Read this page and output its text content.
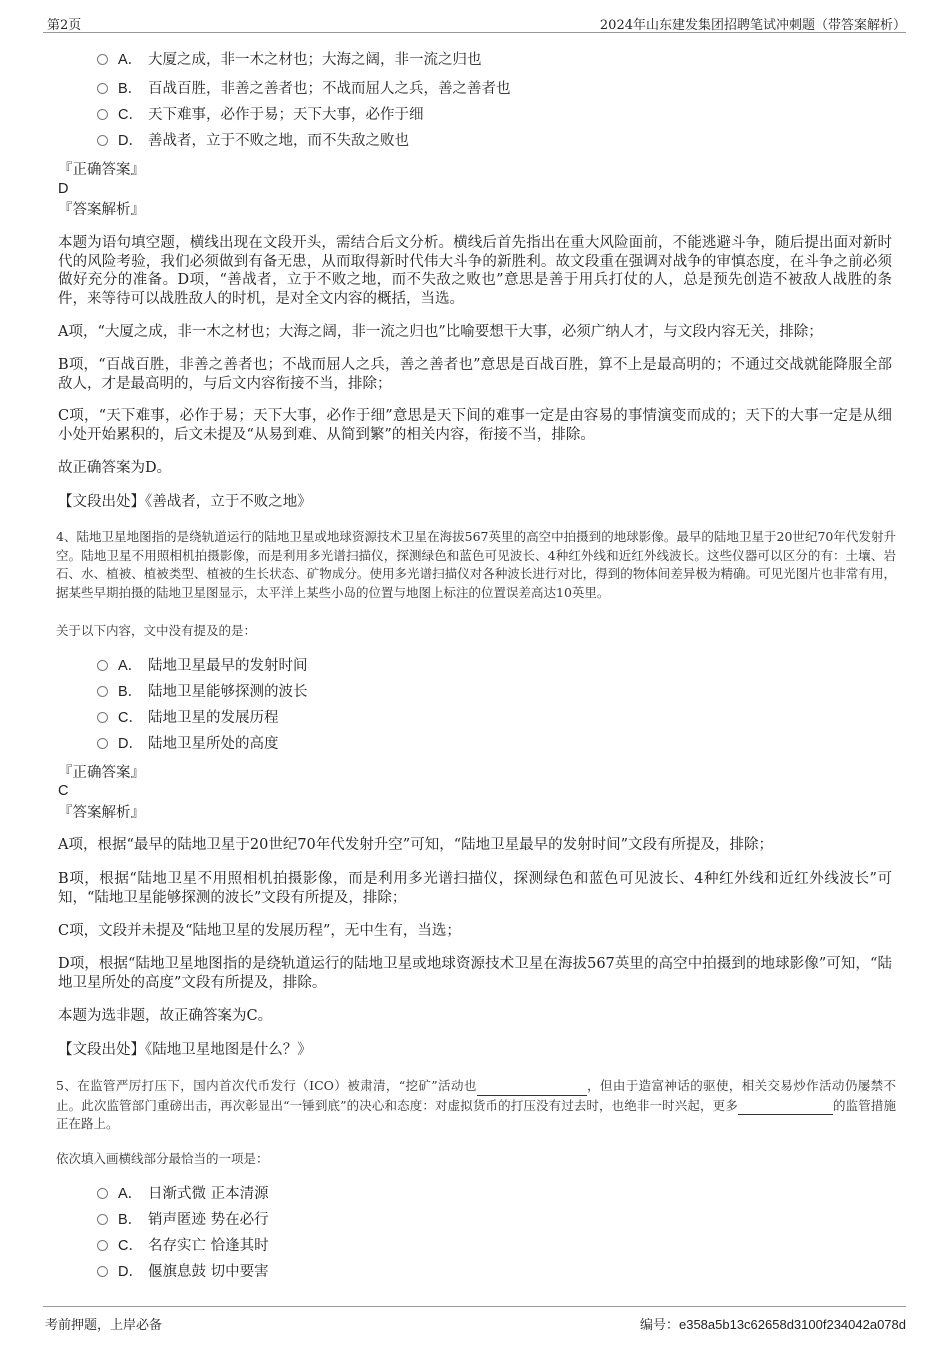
第2页	2024年山东建发集团招聘笔试冲刺题（带答案解析）
A． 大厦之成，非一木之材也；大海之阔，非一流之归也
B． 百战百胜，非善之善者也；不战而屈人之兵，善之善者也
C． 天下难事，必作于易；天下大事，必作于细
D． 善战者，立于不败之地，而不失敌之败也
『正确答案』
D
『答案解析』
本题为语句填空题，横线出现在文段开头，需结合后文分析。横线后首先指出在重大风险面前，不能逃避斗争，随后提出面对新时代的风险考验，我们必须做到有备无患，从而取得新时代伟大斗争的新胜利。故文段重在强调对战争的审慎态度，在斗争之前必须做好充分的准备。D项，“善战者，立于不败之地，而不失敌之败也”意思是善于用兵打仗的人，总是预先创造不被敌人战胜的条件，来等待可以战胜敌人的时机，是对全文内容的概括，当选。
A项，“大厦之成，非一木之材也；大海之阔，非一流之归也”比喻要想干大事，必须广纳人才，与文段内容无关，排除；
B项，“百战百胜，非善之善者也；不战而屈人之兵，善之善者也”意思是百战百胜，算不上是最高明的；不通过交战就能降服全部敌人，才是最高明的，与后文内容衔接不当，排除；
C项，“天下难事，必作于易；天下大事，必作于细”意思是天下间的难事一定是由容易的事情演变而成的；天下的大事一定是从细小处开始累积的，后文未提及“从易到难、从简到繁”的相关内容，衔接不当，排除。
故正确答案为D。
【文段出处】《善战者，立于不败之地》
4、陆地卫星地图指的是绕轨道运行的陆地卫星或地球资源技术卫星在海拔567英里的高空中拍摄到的地球影像。最早的陆地卫星于20世纪70年代发射升空。陆地卫星不用照相机拍摄影像，而是利用多光谱扫描仪，探测绿色和蓝色可见波长、4种红外线和近红外线波长。这些仪器可以区分的有：土壤、岩石、水、植被、植被类型、植被的生长状态、矿物成分。使用多光谱扫描仪对各种波长进行对比，得到的物体间差异极为精确。可见光图片也非常有用，据某些早期拍摄的陆地卫星图显示，太平洋上某些小岛的位置与地图上标注的位置误差高达10英里。
关于以下内容，文中没有提及的是：
A． 陆地卫星最早的发射时间
B． 陆地卫星能够探测的波长
C． 陆地卫星的发展历程
D． 陆地卫星所处的高度
『正确答案』
C
『答案解析』
A项，根据“最早的陆地卫星于20世纪70年代发射升空”可知，“陆地卫星最早的发射时间”文段有所提及，排除；
B项，根据“陆地卫星不用照相机拍摄影像，而是利用多光谱扫描仪，探测绿色和蓝色可见波长、4种红外线和近红外线波长”可知，“陆地卫星能够探测的波长”文段有所提及，排除；
C项，文段并未提及“陆地卫星的发展历程”，无中生有，当选；
D项，根据“陆地卫星地图指的是绕轨道运行的陆地卫星或地球资源技术卫星在海拔567英里的高空中拍摄到的地球影像”可知，“陆地卫星所处的高度”文段有所提及，排除。
本题为选非题，故正确答案为C。
【文段出处】《陆地卫星地图是什么？》
5、在监管严厉打压下，国内首次代币发行（ICO）被肃清，“挖矿”活动也	，但由于造富神话的驱使，相关交易炒作活动仍屡禁不止。此次监管部门重磅出击，再次彰显出“一锤到底”的决心和态度：对虚拟货币的打压没有过去时，也绝非一时兴起，更多	的监管措施正在路上。
依次填入画横线部分最恰当的一项是：
A． 日渐式微 正本清源
B． 销声匿迹 势在必行
C． 名存实亡 恰逢其时
D． 偃旗息鼓 切中要害
考前押题，上岸必备	编号：e358a5b13c62658d3100f234042a078d
